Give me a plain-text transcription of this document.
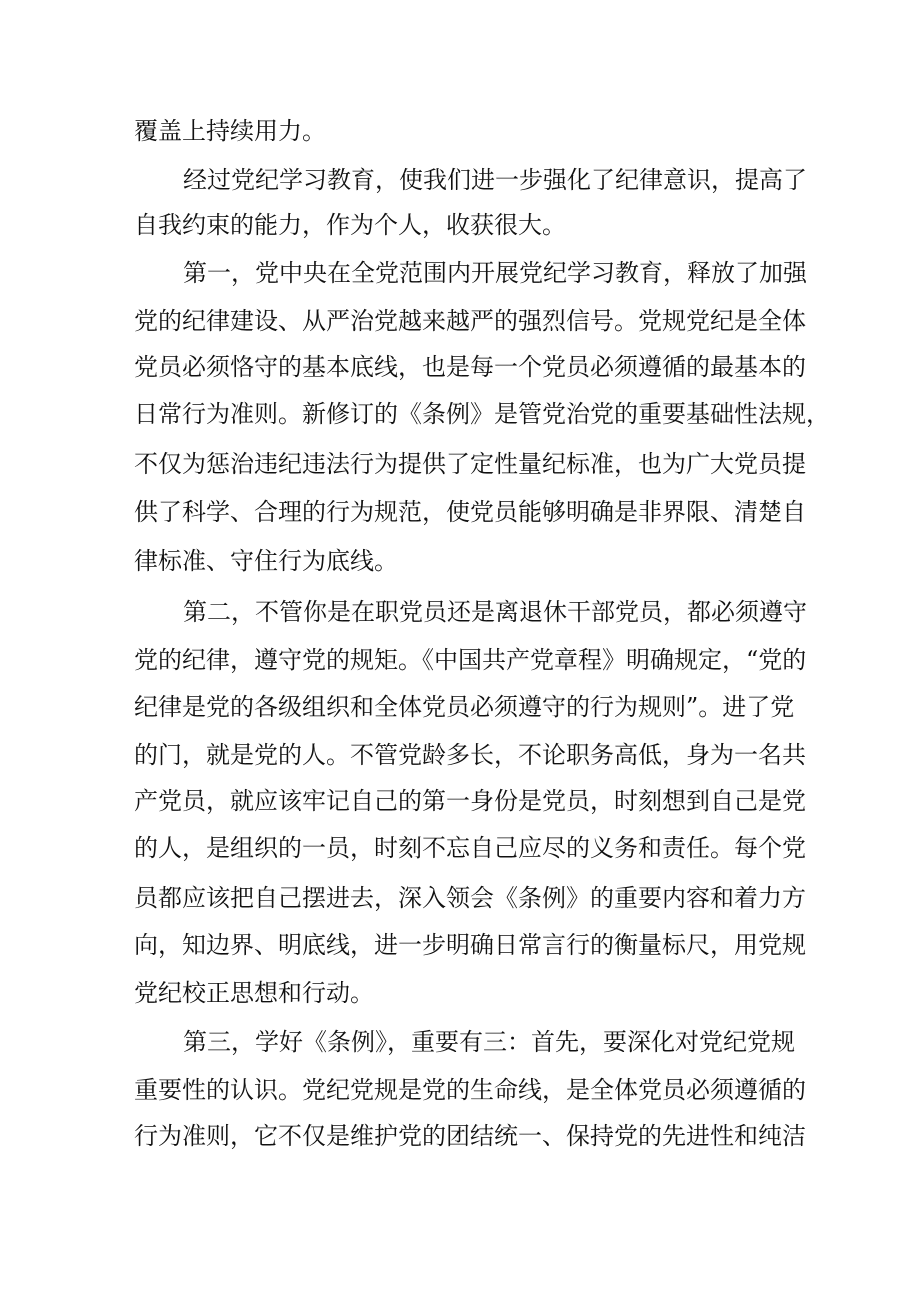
覆盖上持续用力。

经过党纪学习教育，使我们进一步强化了纪律意识，提高了

自我约束的能力，作为个人，收获很大。

第一，党中央在全党范围内开展党纪学习教育，释放了加强

党的纪律建设、从严治党越来越严的强烈信号。党规党纪是全体

党员必须恪守的基本底线，也是每一个党员必须遵循的最基本的

日常行为准则。新修订的《条例》是管党治党的重要基础性法规，

不仅为惩治违纪违法行为提供了定性量纪标准，也为广大党员提

供了科学、合理的行为规范，使党员能够明确是非界限、清楚自

律标准、守住行为底线。

第二，不管你是在职党员还是离退休干部党员，都必须遵守

党的纪律，遵守党的规矩。《中国共产党章程》明确规定，“党的

纪律是党的各级组织和全体党员必须遵守的行为规则”。进了党

的门，就是党的人。不管党龄多长，不论职务高低，身为一名共

产党员，就应该牢记自己的第一身份是党员，时刻想到自己是党

的人，是组织的一员，时刻不忘自己应尽的义务和责任。每个党

员都应该把自己摆进去，深入领会《条例》的重要内容和着力方

向，知边界、明底线，进一步明确日常言行的衡量标尺，用党规

党纪校正思想和行动。

第三，学好《条例》，重要有三：首先，要深化对党纪党规

重要性的认识。党纪党规是党的生命线，是全体党员必须遵循的

行为准则，它不仅是维护党的团结统一、保持党的先进性和纯洁
